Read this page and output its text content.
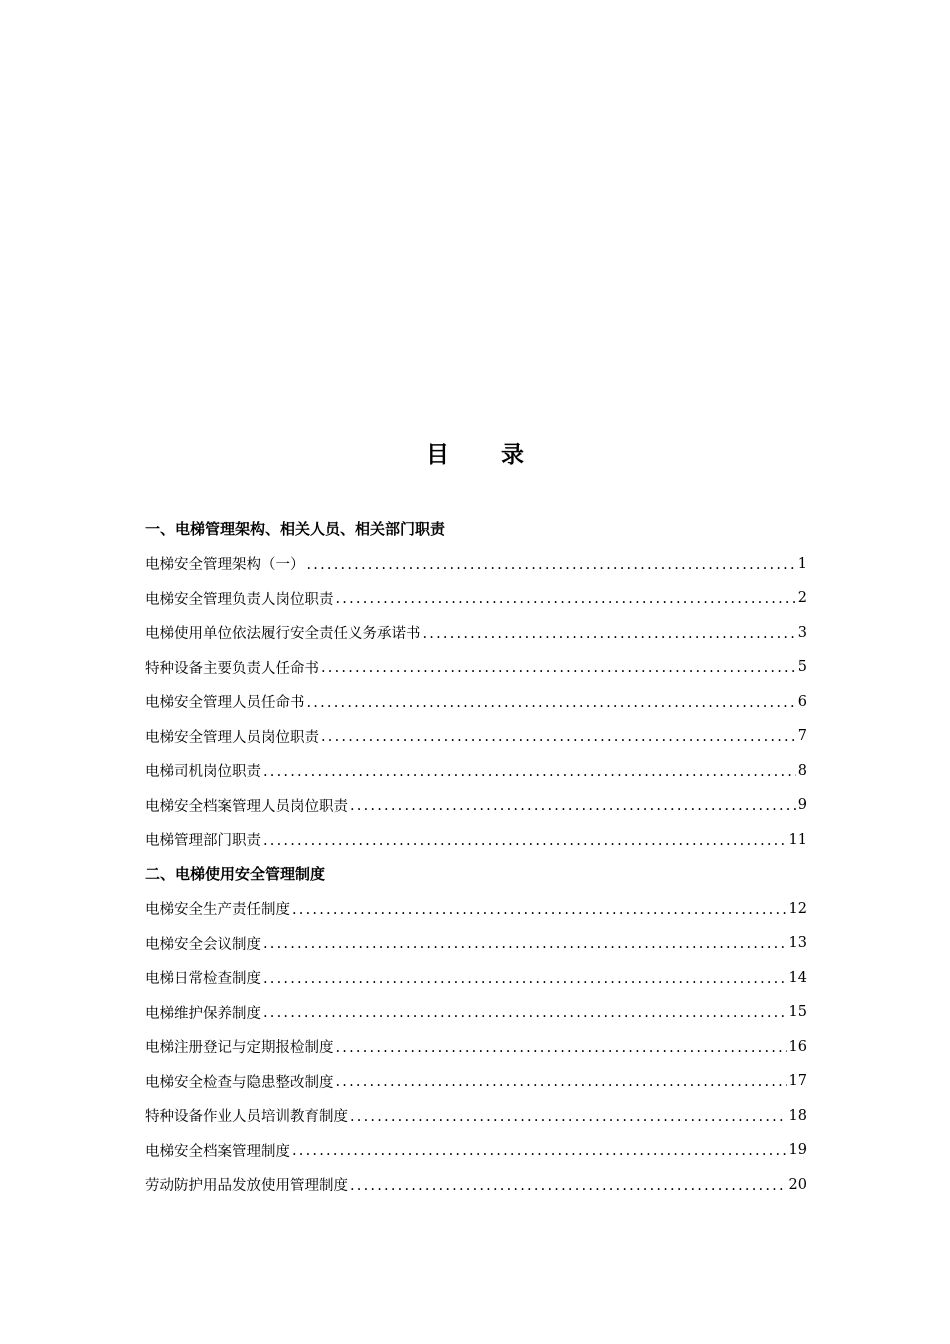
目 录
一、电梯管理架构、相关人员、相关部门职责
电梯安全管理架构（一） .....	1
电梯安全管理负责人岗位职责 .....	2
电梯使用单位依法履行安全责任义务承诺书 .....	3
特种设备主要负责人任命书 .....	5
电梯安全管理人员任命书 .....	6
电梯安全管理人员岗位职责 .....	7
电梯司机岗位职责 .....	8
电梯安全档案管理人员岗位职责 .....	9
电梯管理部门职责 .....	11
二、电梯使用安全管理制度
电梯安全生产责任制度 .....	12
电梯安全会议制度 .....	13
电梯日常检查制度 .....	14
电梯维护保养制度 .....	15
电梯注册登记与定期报检制度 .....	16
电梯安全检查与隐患整改制度 .....	17
特种设备作业人员培训教育制度 .....	18
电梯安全档案管理制度 .....	19
劳动防护用品发放使用管理制度 .....	20
